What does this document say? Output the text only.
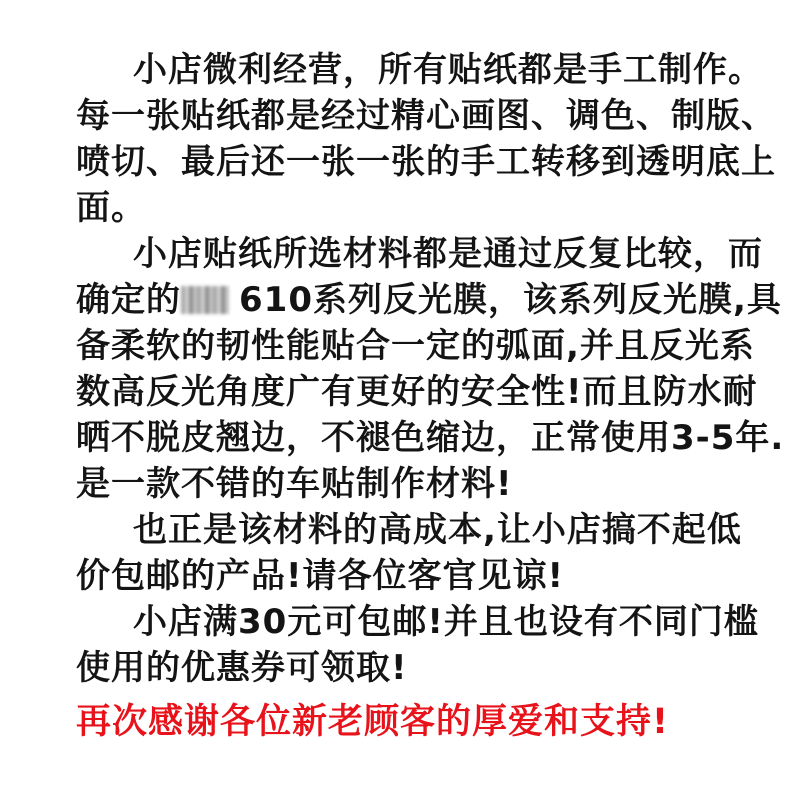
小店微利经营，所有贴纸都是手工制作。
每一张贴纸都是经过精心画图、调色、制版、
喷切、最后还一张一张的手工转移到透明底上
面。
小店贴纸所选材料都是通过反复比较，而
确定的 610系列反光膜，该系列反光膜,具
备柔软的韧性能贴合一定的弧面,并且反光系
数高反光角度广有更好的安全性!而且防水耐
晒不脱皮翘边，不褪色缩边，正常使用3-5年.
是一款不错的车贴制作材料!
也正是该材料的高成本,让小店搞不起低
价包邮的产品!请各位客官见谅!
小店满30元可包邮!并且也设有不同门槛
使用的优惠券可领取!
再次感谢各位新老顾客的厚爱和支持!
